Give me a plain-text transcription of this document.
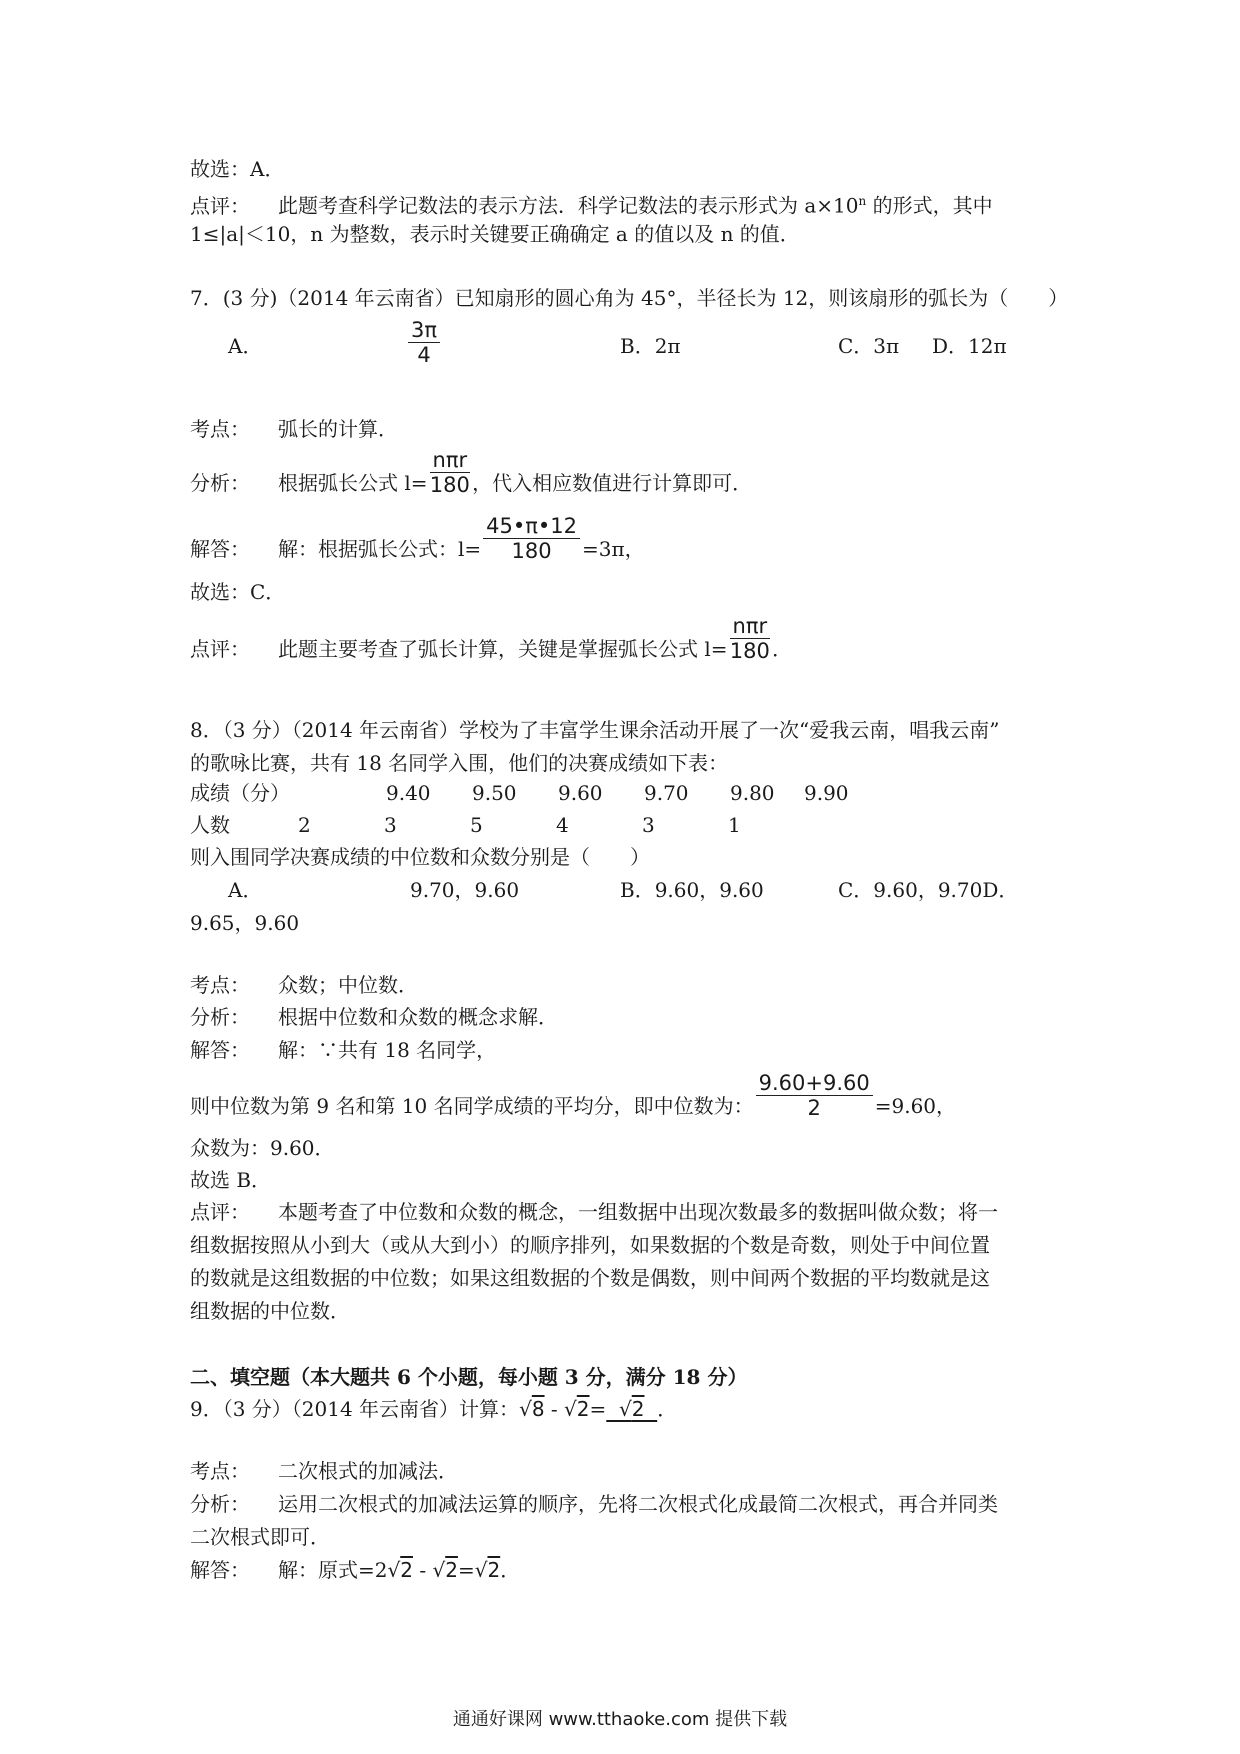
故选：A．
点评： 此题考查科学记数法的表示方法．科学记数法的表示形式为 $a\times 10^n$ 的形式，其中
1≤|a|＜10，n 为整数，表示时关键要正确确定 a 的值以及 n 的值．
7．(3 分)（2014 年云南省）已知扇形的圆心角为 45°，半径长为 12，则该扇形的弧长为（　　）
A．	$\frac{3\pi}{4}$	B．2π	C．3π D．12π
考点： 弧长的计算．
分析： 根据弧长公式 $l= \frac{\text{nπr}}{180}$ ，代入相应数值进行计算即可．
解答： 解：根据弧长公式：$l= \frac{45•\pi•12}{180} =3\pi$，
故选：C．
点评： 此题主要考查了弧长计算，关键是掌握弧长公式 $l= \frac{\text{nπr}}{180}$ ．
8．（3 分）（2014 年云南省）学校为了丰富学生课余活动开展了一次“爱我云南，唱我云南”
的歌咏比赛，共有 18 名同学入围，他们的决赛成绩如下表：
成绩（分）	9.40 9.50 9.60 9.70 9.80 9.90
人数	2	3	5	4	3	1
则入围同学决赛成绩的中位数和众数分别是（　　）
A．	9.70，9.60	B．9.60，9.60	C．9.60，9.70D．
9.65，9.60
考点： 众数；中位数．
分析： 根据中位数和众数的概念求解．
解答： 解：∵共有 18 名同学，
则中位数为第 9 名和第 10 名同学成绩的平均分，即中位数为： $\frac{9.60+9.60}{2} =9.60$，
众数为：9.60．
故选 B．
点评： 本题考查了中位数和众数的概念，一组数据中出现次数最多的数据叫做众数；将一
组数据按照从小到大（或从大到小）的顺序排列，如果数据的个数是奇数，则处于中间位置
的数就是这组数据的中位数；如果这组数据的个数是偶数，则中间两个数据的平均数就是这
组数据的中位数．
二、填空题（本大题共 6 个小题，每小题 3 分，满分 18 分）
9．（3 分）（2014 年云南省）计算：√8 - √2= √2 ．
考点： 二次根式的加减法．
分析： 运用二次根式的加减法运算的顺序，先将二次根式化成最简二次根式，再合并同类
二次根式即可．
解答： 解：原式=2√2 - √2=√2．
通通好课网 www.tthaoke.com 提供下载
